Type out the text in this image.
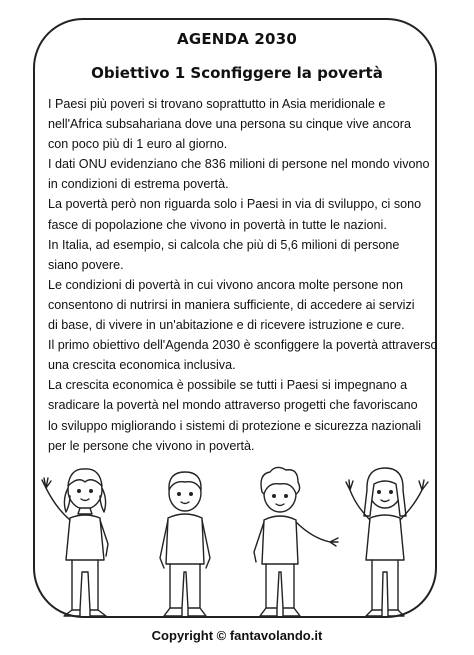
AGENDA 2030
Obiettivo 1 Sconfiggere la povertà
I Paesi più poveri si trovano soprattutto in Asia meridionale e
nell'Africa subsahariana dove una persona su cinque vive ancora
con poco più di 1 euro al giorno.
I dati ONU evidenziano che 836 milioni di persone nel mondo vivono
in condizioni di estrema povertà.
La povertà però non riguarda solo i Paesi in via di sviluppo, ci sono
fasce di popolazione che vivono in povertà in tutte le nazioni.
In Italia, ad esempio, si calcola che più di 5,6 milioni di persone
siano povere.
Le condizioni di povertà in cui vivono ancora molte persone non
consentono di nutrirsi in maniera sufficiente, di accedere ai servizi
di base, di vivere in un'abitazione e di ricevere istruzione e cure.
Il primo obiettivo dell'Agenda 2030 è sconfiggere la povertà attraverso
una crescita economica inclusiva.
La crescita economica è possibile se tutti i Paesi si impegnano a
sradicare la povertà nel mondo attraverso progetti che favoriscano
lo sviluppo migliorando i sistemi di protezione e sicurezza nazionali
per le persone che vivono in povertà.
Copyright © fantavolando.it
